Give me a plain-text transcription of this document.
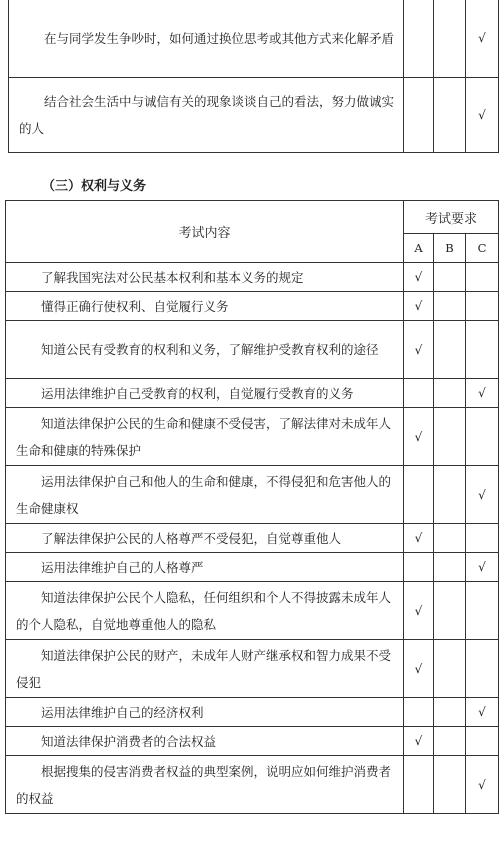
在与同学发生争吵时，如何通过换位思考或其他方式来化解矛盾			√
结合社会生活中与诚信有关的现象谈谈自己的看法，努力做诚实的人			√
（三）权利与义务
考试内容	考试要求		
	A	B	C
了解我国宪法对公民基本权利和基本义务的规定	√		
懂得正确行使权利、自觉履行义务	√		
知道公民有受教育的权利和义务，了解维护受教育权利的途径	√		
运用法律维护自己受教育的权利，自觉履行受教育的义务			√
知道法律保护公民的生命和健康不受侵害，了解法律对未成年人生命和健康的特殊保护	√		
运用法律保护自己和他人的生命和健康，不得侵犯和危害他人的生命健康权			√
了解法律保护公民的人格尊严不受侵犯，自觉尊重他人	√		
运用法律维护自己的人格尊严			√
知道法律保护公民个人隐私，任何组织和个人不得披露未成年人的个人隐私，自觉地尊重他人的隐私	√		
知道法律保护公民的财产，未成年人财产继承权和智力成果不受侵犯	√		
运用法律维护自己的经济权利			√
知道法律保护消费者的合法权益	√		
根据搜集的侵害消费者权益的典型案例，说明应如何维护消费者的权益			√
